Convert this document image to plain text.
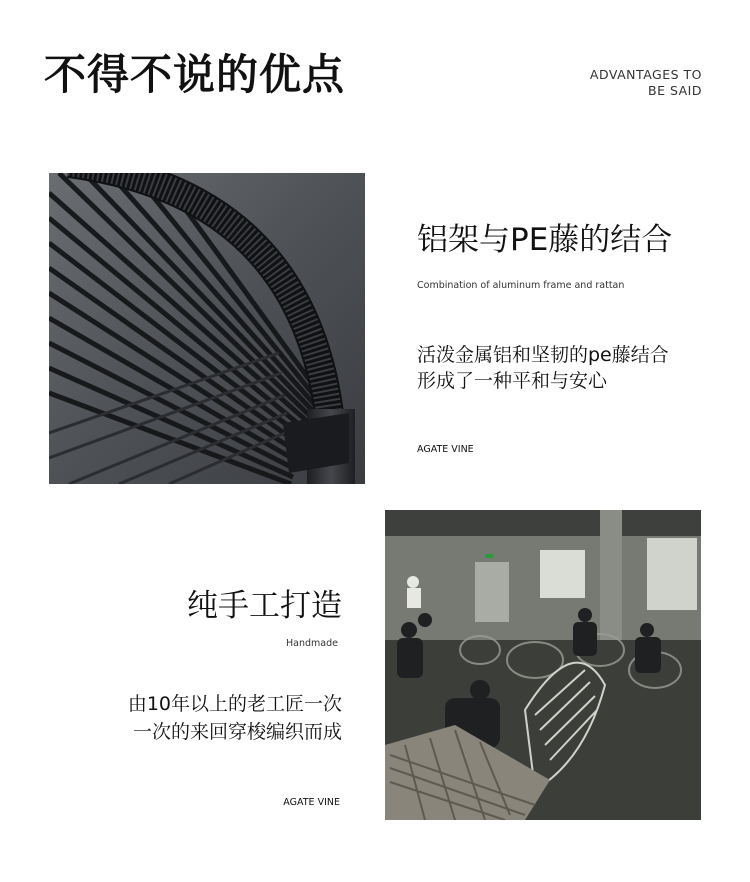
不得不说的优点	ADVANTAGES TO
BE SAID
铝架与PE藤的结合
Combination of aluminum frame and rattan
活泼金属铝和坚韧的pe藤结合
形成了一种平和与安心
AGATE VINE
纯手工打造
Handmade
由10年以上的老工匠一次
一次的来回穿梭编织而成
AGATE VINE
